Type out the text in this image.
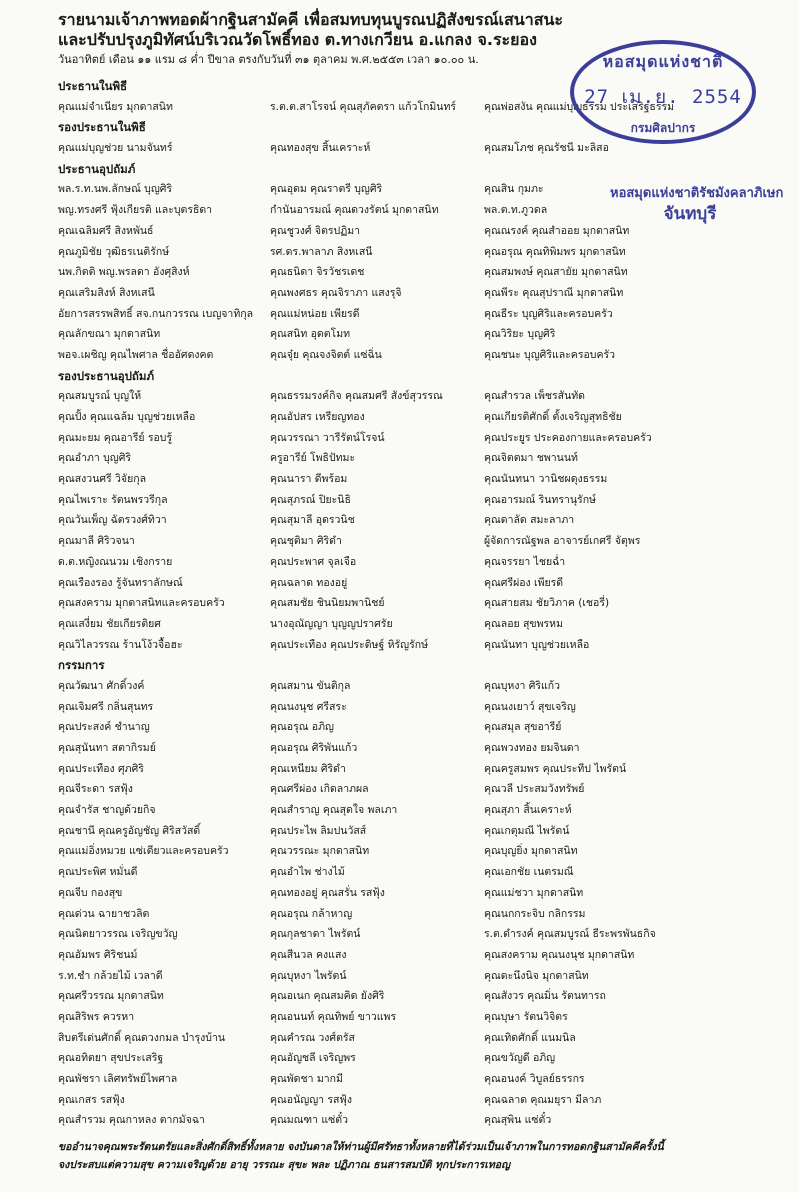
รายนามเจ้าภาพทอดผ้ากฐินสามัคคี เพื่อสมทบทุนบูรณปฏิสังขรณ์เสนาสนะ
และปรับปรุงภูมิทัศน์บริเวณวัดโพธิ์ทอง ต.ทางเกวียน อ.แกลง จ.ระยอง
วันอาทิตย์ เดือน ๑๑ แรม ๘ ค่ำ ปีขาล ตรงกับวันที่ ๓๑ ตุลาคม พ.ศ.๒๕๕๓ เวลา ๑๐.๐๐ น.
ประธานในพิธี
คุณแม่จำเนียร มุกดาสนิท	ร.ต.ต.สาโรจน์ คุณสุภัคตรา แก้วโกมินทร์	คุณพ่อสงัน คุณแม่บุญธรรม ประเสริฐธรรม
รองประธานในพิธี
คุณแม่บุญช่วย นามจันทร์	คุณทองสุข สิ้นเคราะห์	คุณสมโภช คุณรัชนี มะลิสอ
ประธานอุปถัมภ์
พล.ร.ท.นพ.ลักษณ์ บุญศิริ	คุณอุดม คุณราตรี บุญศิริ	คุณสิน กุมภะ
พญ.ทรงศรี ฟุ้งเกียรติ และบุตรธิดา	กำนันอารมณ์ คุณดวงรัตน์ มุกดาสนิท	พล.ต.ท.ภูวดล
คุณเฉลิมศรี สิงหพันธ์	คุณชูวงศ์ จิตรปฏิมา	คุณณรงค์ คุณสำออย มุกดาสนิท
คุณภูมิชัย วุฒิธรเนติรักษ์	รศ.ดร.พาลาภ สิงหเสนี	คุณอรุณ คุณทิพิมพร มุกดาสนิท
นพ.กิตติ พญ.พรลดา อังศุสิงห์	คุณธนิดา จิรวัชรเดช	คุณสมพงษ์ คุณสายัย มุกดาสนิท
คุณเสริมสิงห์ สิงหเสนี	คุณพงศธร คุณจิราภา แสงรุจิ	คุณพีระ คุณสุปราณี มุกดาสนิท
อัยการสรรพสิทธิ์ สจ.กนกวรรณ เบญจาทิกุล	คุณแม่หน่อย เพียรดี	คุณธีระ บุญศิริและครอบครัว
คุณลักขณา มุกดาสนิท	คุณสนิท อุดตโมท	คุณวิริยะ บุญศิริ
พอจ.เผชิญ คุณไพศาล ชื่ออัศดงคต	คุณจุ๋ย คุณจงจิตต์ แซ่ฉิ่น	คุณชนะ บุญศิริและครอบครัว
รองประธานอุปถัมภ์
คุณสมบูรณ์ บุญให้	คุณธรรมรงค์กิจ คุณสมศรี สังข์สุวรรณ	คุณสำรวล เพ็ชรสันทัด
คุณปั้ง คุณแฉล้ม บุญช่วยเหลือ	คุณอัปสร เหรียญทอง	คุณเกียรติศักดิ์ ตั้งเจริญสุทธิชัย
คุณมะยม คุณอารีย์ รอบรู้	คุณวรรณา วารีรัตน์โรจน์	คุณประยูร ประคองกายและครอบครัว
คุณอำภา บุญศิริ	ครูอารีย์ โพธิปัทมะ	คุณจิตตมา ชพานนท์
คุณสงวนศรี วิจัยกุล	คุณนารา ดีพร้อม	คุณนันทนา วานิชผดุงธรรม
คุณไพเราะ รัตนพรวรีกุล	คุณสุภรณ์ ปิยะนิธิ	คุณอารมณ์ รินทรานุรักษ์
คุณวันเพ็ญ ฉัตรวงศ์ทิวา	คุณสุมาลี อุดรวนิช	คุณดาลัด สมะลาภา
คุณมาลี ศิริวจนา	คุณชุติมา ศิริดำ	ผู้จัดการณัฐพล อาจารย์เกศรี จัตุพร
ด.ต.หญิงณนวม เชิงกราย	คุณประพาศ จุลเจือ	คุณจรรยา ไชยฉ่ำ
คุณเรืองรอง รู้จันทราลักษณ์	คุณฉลาด ทองอยู่	คุณศรีผ่อง เพียรดี
คุณสงคราม มุกดาสนิทและครอบครัว	คุณสมชัย ชินนิยมพานิชย์	คุณสายสม ชัยวิภาค (เชอรี่)
คุณเสงี่ยม ชัยเกียรติยศ	นางอุณัญญา บุญญปราศรัย	คุณลอย สุขพรหม
คุณวิไลวรรณ ร้านโง้วจื้อฮะ	คุณประเทือง คุณประดิษฐ์ หิรัญรักษ์	คุณนันทา บุญช่วยเหลือ
กรรมการ
คุณวัฒนา ศักดิ์วงค์	คุณสมาน ขันติกุล	คุณบุหงา ศิริแก้ว
คุณเจิมศรี กลิ่นสุนทร	คุณนงนุช ศรีสระ	คุณนงเยาว์ สุขเจริญ
คุณประสงค์ ชำนาญ	คุณอรุณ อภิญ	คุณสมุล สุขอารีย์
คุณสุนันทา สตากิรมย์	คุณอรุณ ศิริพันแก้ว	คุณพวงทอง ยมจินดา
คุณประเทือง ศุภศิริ	คุณเหนียม ศิริดำ	คุณครูสมพร คุณประทีป ไพรัตน์
คุณจีระดา รสฟุ้ง	คุณศรีผ่อง เกิดลาภผล	คุณวลี ประสมวังทรัพย์
คุณจำรัส ชาญด้วยกิจ	คุณสำราญ คุณสุดใจ พลเภา	คุณสุภา สิ้นเคราะห์
คุณชานี คุณครูอัญชัญ ศิริสวัสดิ์	คุณประไพ ลิมปนวัสส์	คุณเกตุมณี ไพรัตน์
คุณแม่อิ่งหมวย แซ่เตียวและครอบครัว	คุณวรรณะ มุกดาสนิท	คุณบุญยิ่ง มุกดาสนิท
คุณประพิศ หมั่นดี	คุณอำไพ ช่างไม้	คุณเอกชัย เนตรมณี
คุณจีบ กองสุข	คุณทองอยู่ คุณสรั่น รสฟุ้ง	คุณแม่ชวา มุกดาสนิท
คุณด่วน ฉายาชวลิต	คุณอรุณ กล้าหาญ	คุณนกกระจิบ กลิกรรม
คุณนิตยาวรรณ เจริญขวัญ	คุณกุลชาดา ไพรัตน์	ร.ต.ดำรงค์ คุณสมบูรณ์ ธีระพรพันธกิจ
คุณอัมพร ศิริชนม์	คุณสีนวล คงแสง	คุณสงคราม คุณนงนุช มุกดาสนิท
ร.ท.ชำ กล้วยไม้ เวลาดี	คุณบุหงา ไพรัตน์	คุณดะนึงนิจ มุกดาสนิท
คุณศรีวรรณ มุกดาสนิท	คุณอเนก คุณสมคิด ยังศิริ	คุณสังวร คุณมิ่น รัตนทารถ
คุณสิริพร ควรหา	คุณอนนท์ คุณทิพย์ ขาวแพร	คุณบุษา รัตนวิจิตร
สิบตรีเด่นศักดิ์ คุณดวงกมล บำรุงบ้าน	คุณคำรณ วงศ์ตรัส	คุณเทิดศักดิ์ แนมนิล
คุณอทิตยา สุขประเสริฐ	คุณอัญชลี เจริญพร	คุณขวัญดี อภิญ
คุณพัชรา เลิศทรัพย์ไพศาล	คุณพัดชา มากมี	คุณอนงค์ วิบูลย์ธรรกร
คุณเกสร รสฟุ้ง	คุณอนัญญา รสฟุ้ง	คุณฉลาด คุณมยุรา มีลาภ
คุณสำรวม คุณกาหลง ตากมัจฉา	คุณมณฑา แซ่ตั๋ว	คุณสุพิน แซ่ตั๋ว
ขออำนาจคุณพระรัตนตรัยและสิ่งศักดิ์สิทธิ์ทั้งหลาย จงบันดาลให้ท่านผู้มีศรัทธาทั้งหลายที่ได้ร่วมเป็นเจ้าภาพในการทอดกฐินสามัคคีครั้งนี้
จงประสบแต่ความสุข ความเจริญด้วย อายุ วรรณะ สุขะ พละ ปฏิภาณ ธนสารสมบัติ ทุกประการเทอญ
หอสมุดแห่งชาติ
27 เม.ย. 2554
กรมศิลปากร
หอสมุดแห่งชาติรัชมังคลาภิเษก
จันทบุรี
